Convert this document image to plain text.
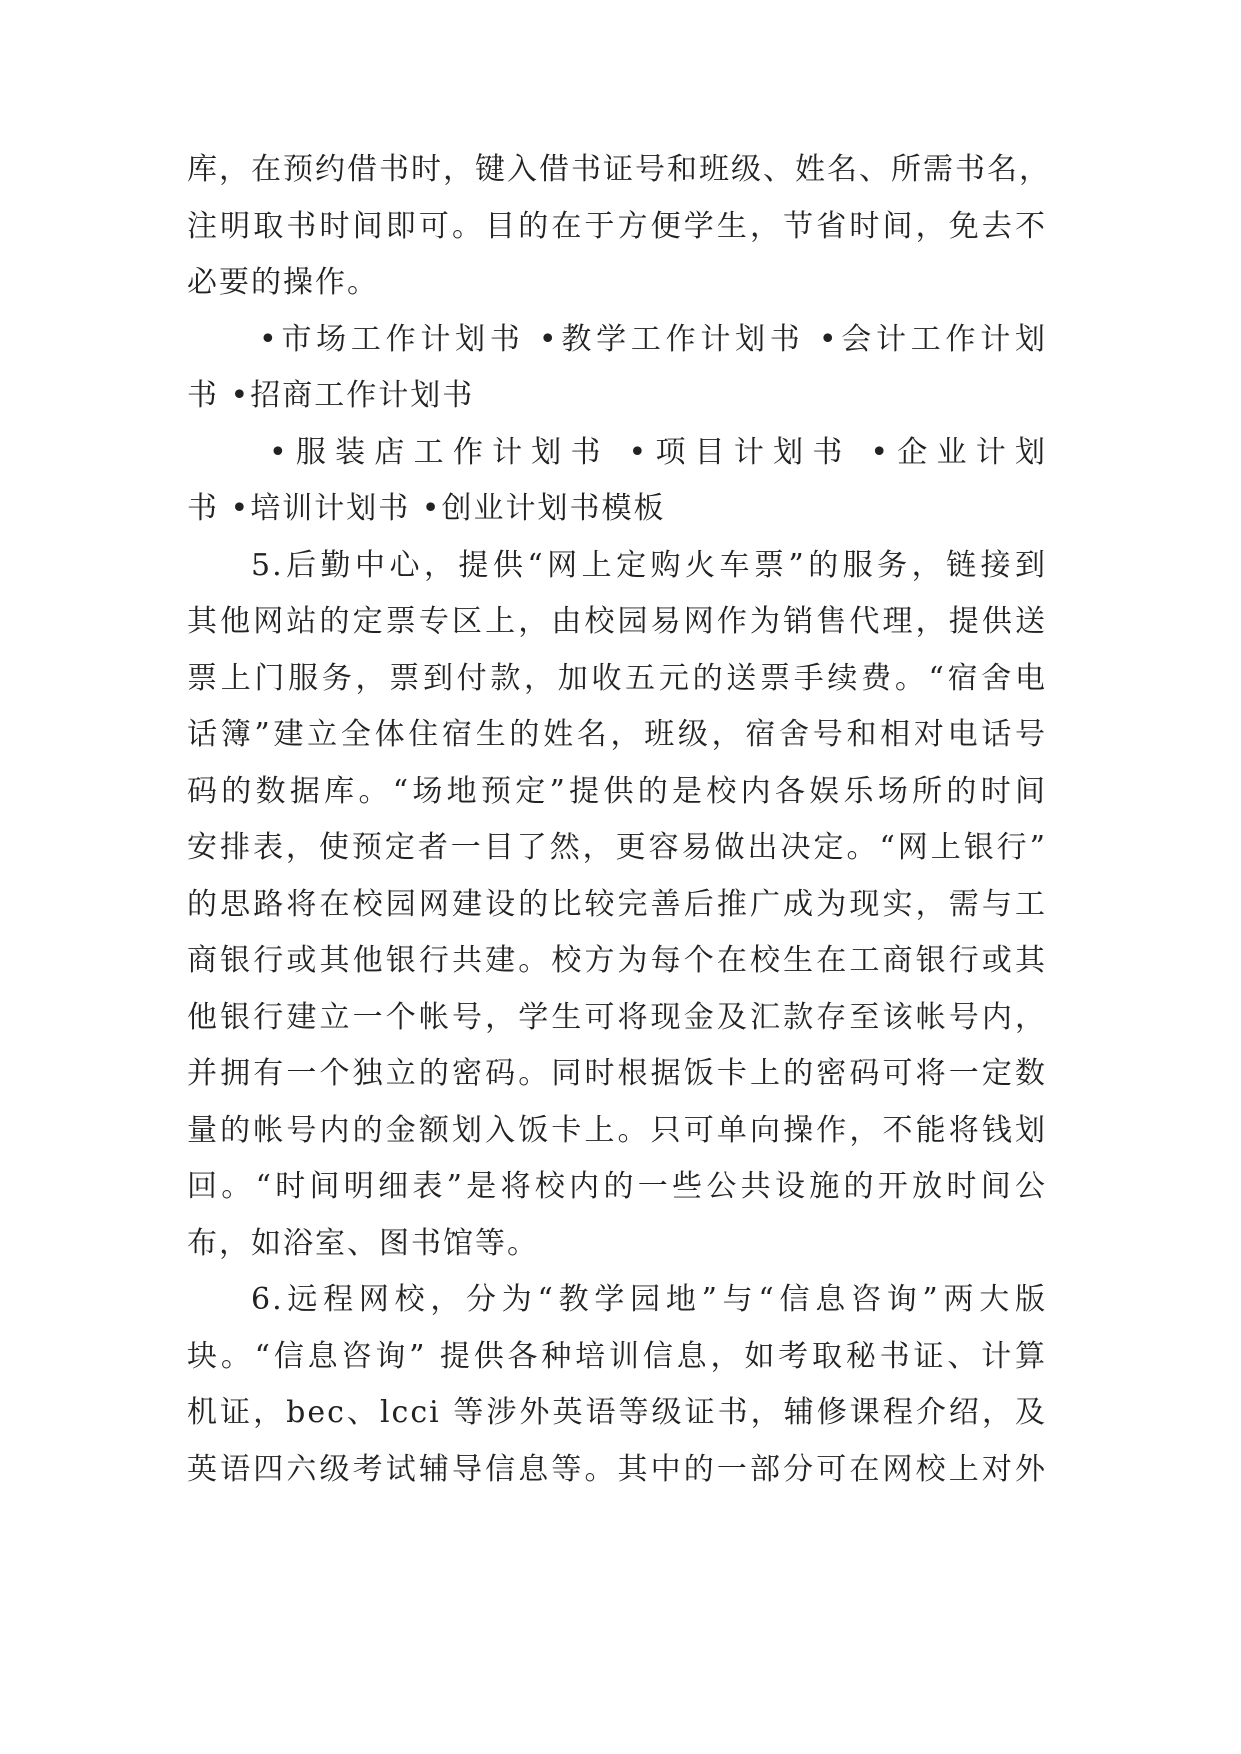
库，在预约借书时，键入借书证号和班级、姓名、所需书名，
注明取书时间即可。目的在于方便学生，节省时间，免去不
必要的操作。
•市场工作计划书 •教学工作计划书 •会计工作计划
书 •招商工作计划书
•服装店工作计划书 •项目计划书 •企业计划
书 •培训计划书 •创业计划书模板
5.后勤中心，提供“网上定购火车票”的服务，链接到
其他网站的定票专区上，由校园易网作为销售代理，提供送
票上门服务，票到付款，加收五元的送票手续费。“宿舍电
话簿”建立全体住宿生的姓名，班级，宿舍号和相对电话号
码的数据库。“场地预定”提供的是校内各娱乐场所的时间
安排表，使预定者一目了然，更容易做出决定。“网上银行”
的思路将在校园网建设的比较完善后推广成为现实，需与工
商银行或其他银行共建。校方为每个在校生在工商银行或其
他银行建立一个帐号，学生可将现金及汇款存至该帐号内，
并拥有一个独立的密码。同时根据饭卡上的密码可将一定数
量的帐号内的金额划入饭卡上。只可单向操作，不能将钱划
回。“时间明细表”是将校内的一些公共设施的开放时间公
布，如浴室、图书馆等。
6.远程网校，分为“教学园地”与“信息咨询”两大版
块。“信息咨询” 提供各种培训信息，如考取秘书证、计算
机证，bec、lcci 等涉外英语等级证书，辅修课程介绍，及
英语四六级考试辅导信息等。其中的一部分可在网校上对外
